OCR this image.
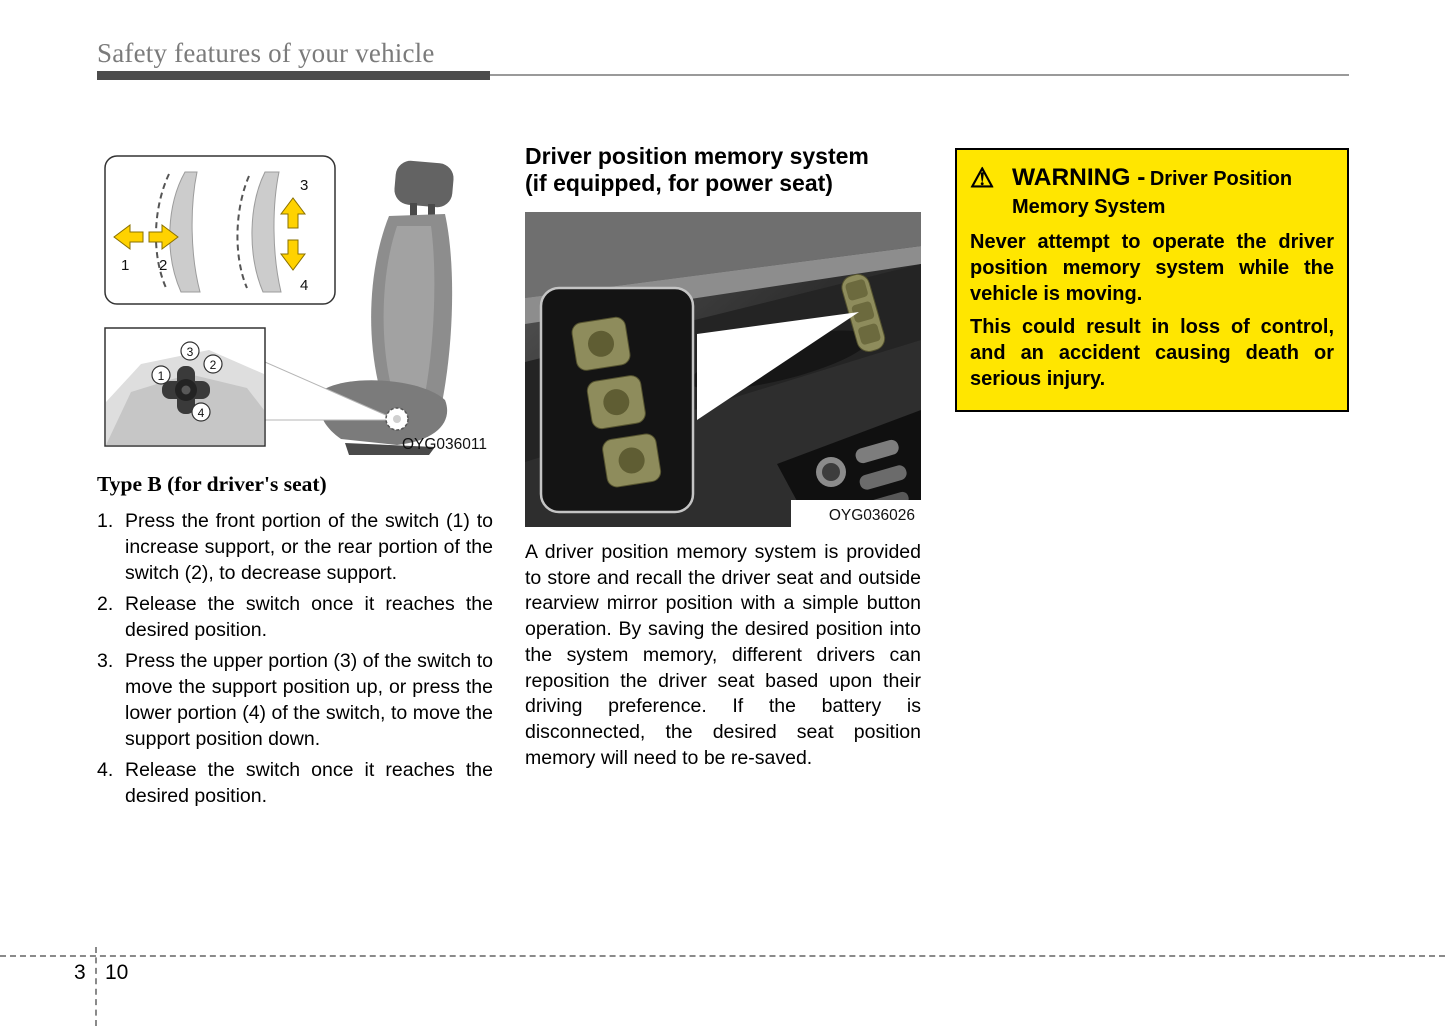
Safety features of your vehicle
1 2
3
4
3
2
1
4
OYG036011
Type B (for driver's seat)
1. Press the front portion of the switch (1) to increase support, or the rear portion of the switch (2), to decrease support.
2. Release the switch once it reaches the desired position.
3. Press the upper portion (3) of the switch to move the support position up, or press the lower portion (4) of the switch, to move the support position down.
4. Release the switch once it reaches the desired position.
Driver position memory system
(if equipped, for power seat)
OYG036026

A driver position memory system is provided to store and recall the driver seat and outside rearview mirror position with a simple button operation. By saving the desired position into the system memory, different drivers can reposition the driver seat based upon their driving preference. If the battery is disconnected, the desired seat position memory will need to be re-saved.

⚠ WARNING - Driver Position Memory System

Never attempt to operate the driver position memory system while the vehicle is moving.

This could result in loss of control, and an accident causing death or serious injury.

3 10
